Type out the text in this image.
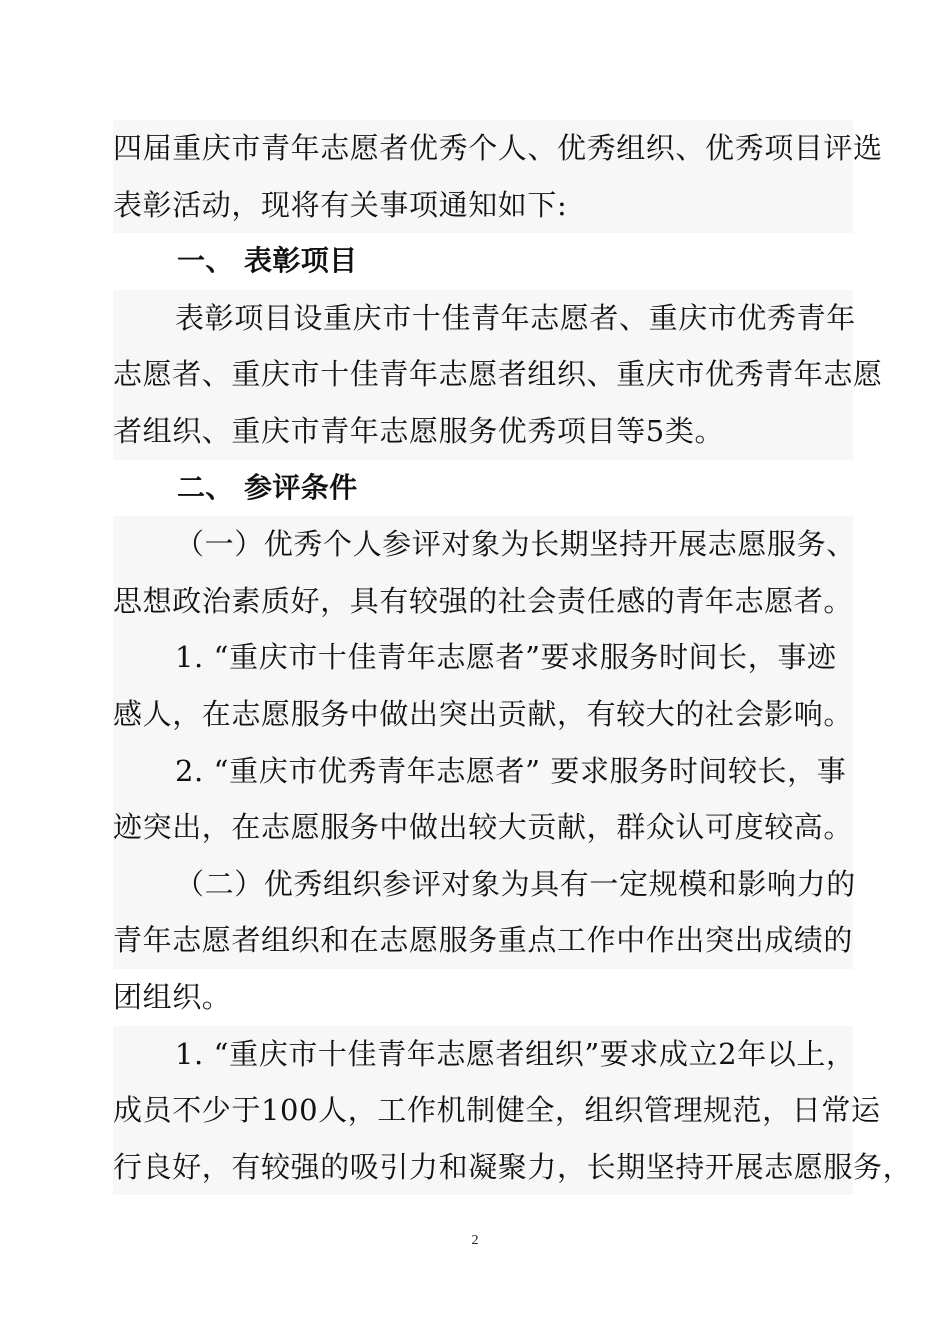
四届重庆市青年志愿者优秀个人、优秀组织、优秀项目评选
表彰活动，现将有关事项通知如下:
一、 表彰项目
表彰项目设重庆市十佳青年志愿者、重庆市优秀青年
志愿者、重庆市十佳青年志愿者组织、重庆市优秀青年志愿
者组织、重庆市青年志愿服务优秀项目等5类。
二、 参评条件
（一）优秀个人参评对象为长期坚持开展志愿服务、
思想政治素质好，具有较强的社会责任感的青年志愿者。
1. “重庆市十佳青年志愿者”要求服务时间长，事迹
感人，在志愿服务中做出突出贡献，有较大的社会影响。
2. “重庆市优秀青年志愿者” 要求服务时间较长，事
迹突出，在志愿服务中做出较大贡献，群众认可度较高。
（二）优秀组织参评对象为具有一定规模和影响力的
青年志愿者组织和在志愿服务重点工作中作出突出成绩的
团组织。
1. “重庆市十佳青年志愿者组织”要求成立2年以上，
成员不少于100人，工作机制健全，组织管理规范，日常运
行良好，有较强的吸引力和凝聚力，长期坚持开展志愿服务，
2
